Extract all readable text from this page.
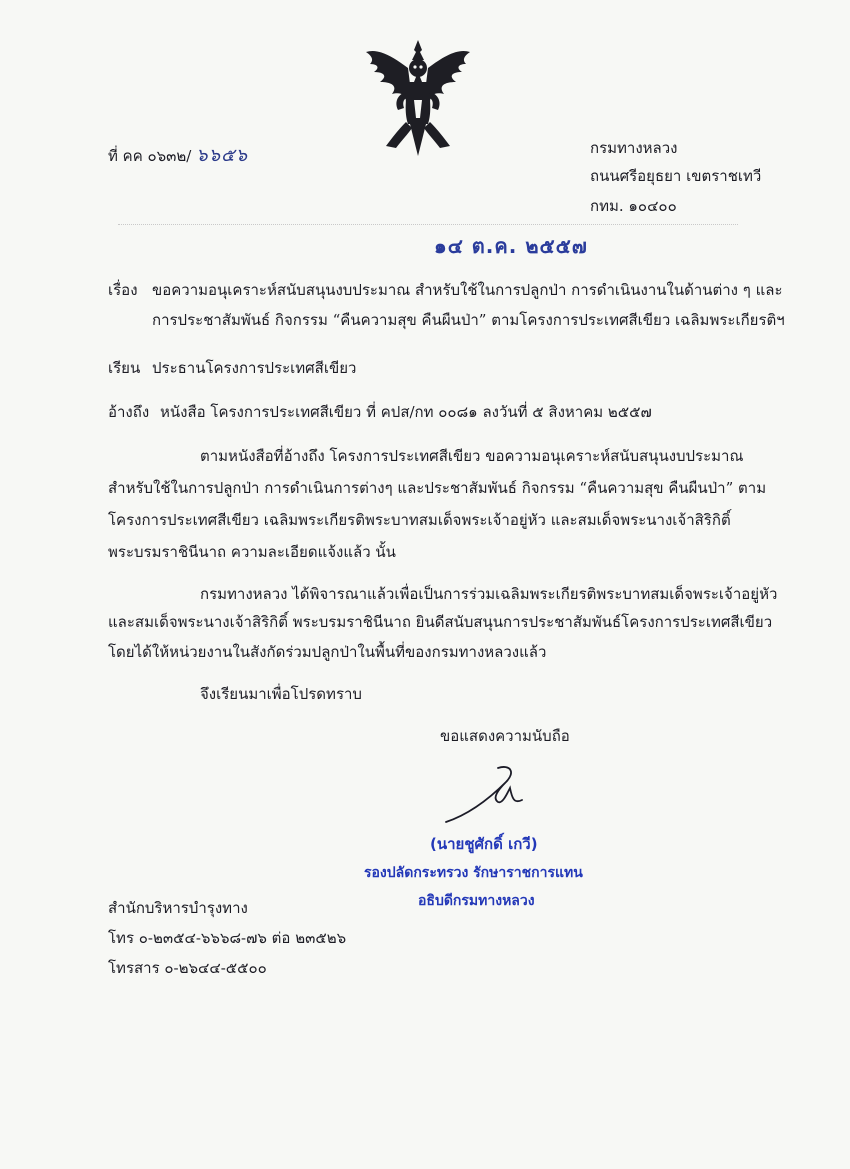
ที่ คค ๐๖๓๒/ ๖๖๕๖	กรมทางหลวง
ถนนศรีอยุธยา เขตราชเทวี
กทม. ๑๐๔๐๐
๑๔ ต.ค. ๒๕๕๗
เรื่อง ขอความอนุเคราะห์สนับสนุนงบประมาณ สำหรับใช้ในการปลูกป่า การดำเนินงานในด้านต่าง ๆ และ
การประชาสัมพันธ์ กิจกรรม “คืนความสุข คืนผืนป่า” ตามโครงการประเทศสีเขียว เฉลิมพระเกียรติฯ
เรียน ประธานโครงการประเทศสีเขียว
อ้างถึง หนังสือ โครงการประเทศสีเขียว ที่ คปส/กท ๐๐๘๑ ลงวันที่ ๕ สิงหาคม ๒๕๕๗
ตามหนังสือที่อ้างถึง โครงการประเทศสีเขียว ขอความอนุเคราะห์สนับสนุนงบประมาณ
สำหรับใช้ในการปลูกป่า การดำเนินการต่างๆ และประชาสัมพันธ์ กิจกรรม “คืนความสุข คืนผืนป่า” ตาม
โครงการประเทศสีเขียว เฉลิมพระเกียรติพระบาทสมเด็จพระเจ้าอยู่หัว และสมเด็จพระนางเจ้าสิริกิติ์
พระบรมราชินีนาถ ความละเอียดแจ้งแล้ว นั้น
กรมทางหลวง ได้พิจารณาแล้วเพื่อเป็นการร่วมเฉลิมพระเกียรติพระบาทสมเด็จพระเจ้าอยู่หัว
และสมเด็จพระนางเจ้าสิริกิติ์ พระบรมราชินีนาถ ยินดีสนับสนุนการประชาสัมพันธ์โครงการประเทศสีเขียว
โดยได้ให้หน่วยงานในสังกัดร่วมปลูกป่าในพื้นที่ของกรมทางหลวงแล้ว
จึงเรียนมาเพื่อโปรดทราบ
ขอแสดงความนับถือ
(นายชูศักดิ์ เกวี)
รองปลัดกระทรวง รักษาราชการแทน
อธิบดีกรมทางหลวง
สำนักบริหารบำรุงทาง
โทร ๐-๒๓๕๔-๖๖๖๘-๗๖ ต่อ ๒๓๕๒๖
โทรสาร ๐-๒๖๔๔-๕๕๐๐
